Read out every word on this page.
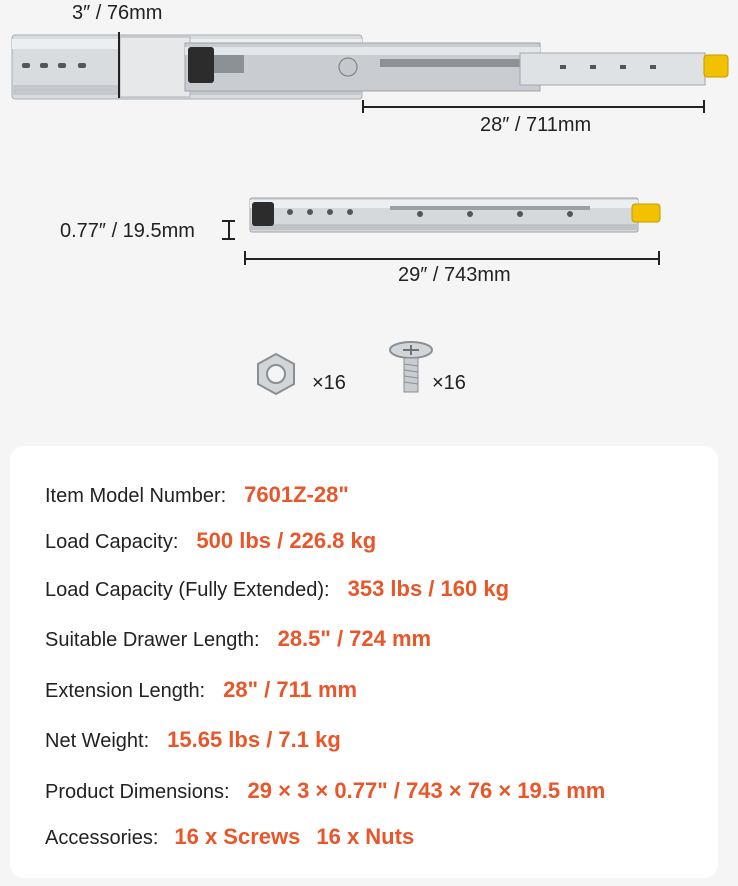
3″ / 76mm
28″ / 711mm
0.77″ / 19.5mm
29″ / 743mm
×16	×16
Item Model Number: 7601Z-28"
Load Capacity: 500 lbs / 226.8 kg
Load Capacity (Fully Extended): 353 lbs / 160 kg
Suitable Drawer Length: 28.5" / 724 mm
Extension Length: 28" / 711 mm
Net Weight: 15.65 lbs / 7.1 kg
Product Dimensions: 29 × 3 × 0.77" / 743 × 76 × 19.5 mm
Accessories: 16 x Screws 16 x Nuts
